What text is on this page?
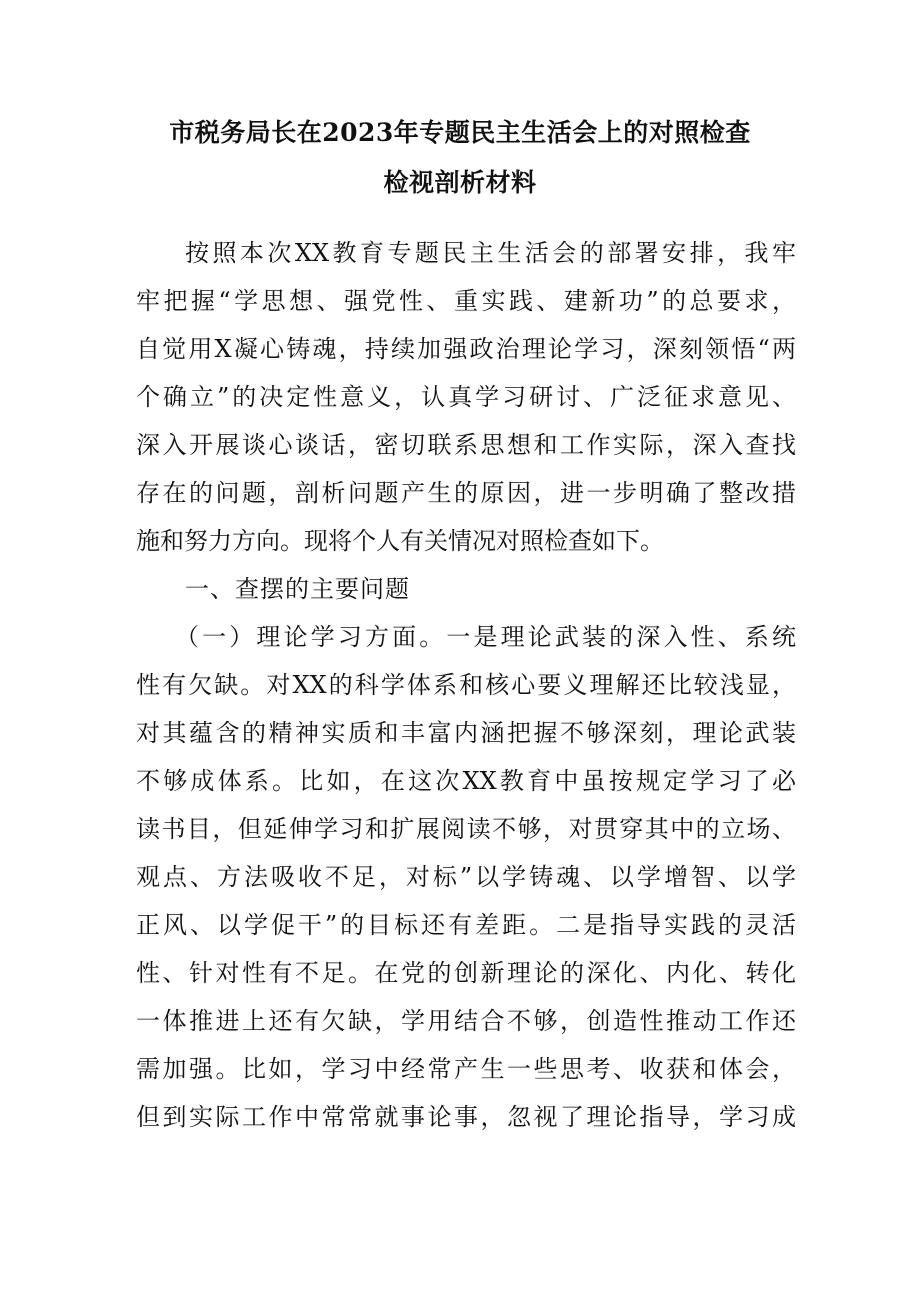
市税务局长在2023年专题民主生活会上的对照检查
检视剖析材料
按照本次XX教育专题民主生活会的部署安排，我牢
牢把握“学思想、强党性、重实践、建新功”的总要求，
自觉用X凝心铸魂，持续加强政治理论学习，深刻领悟“两
个确立”的决定性意义，认真学习研讨、广泛征求意见、
深入开展谈心谈话，密切联系思想和工作实际，深入查找
存在的问题，剖析问题产生的原因，进一步明确了整改措
施和努力方向。现将个人有关情况对照检查如下。
一、查摆的主要问题
（一）理论学习方面。一是理论武装的深入性、系统
性有欠缺。对XX的科学体系和核心要义理解还比较浅显，
对其蕴含的精神实质和丰富内涵把握不够深刻，理论武装
不够成体系。比如，在这次XX教育中虽按规定学习了必
读书目，但延伸学习和扩展阅读不够，对贯穿其中的立场、
观点、方法吸收不足，对标”以学铸魂、以学增智、以学
正风、以学促干”的目标还有差距。二是指导实践的灵活
性、针对性有不足。在党的创新理论的深化、内化、转化
一体推进上还有欠缺，学用结合不够，创造性推动工作还
需加强。比如，学习中经常产生一些思考、收获和体会，
但到实际工作中常常就事论事，忽视了理论指导，学习成
